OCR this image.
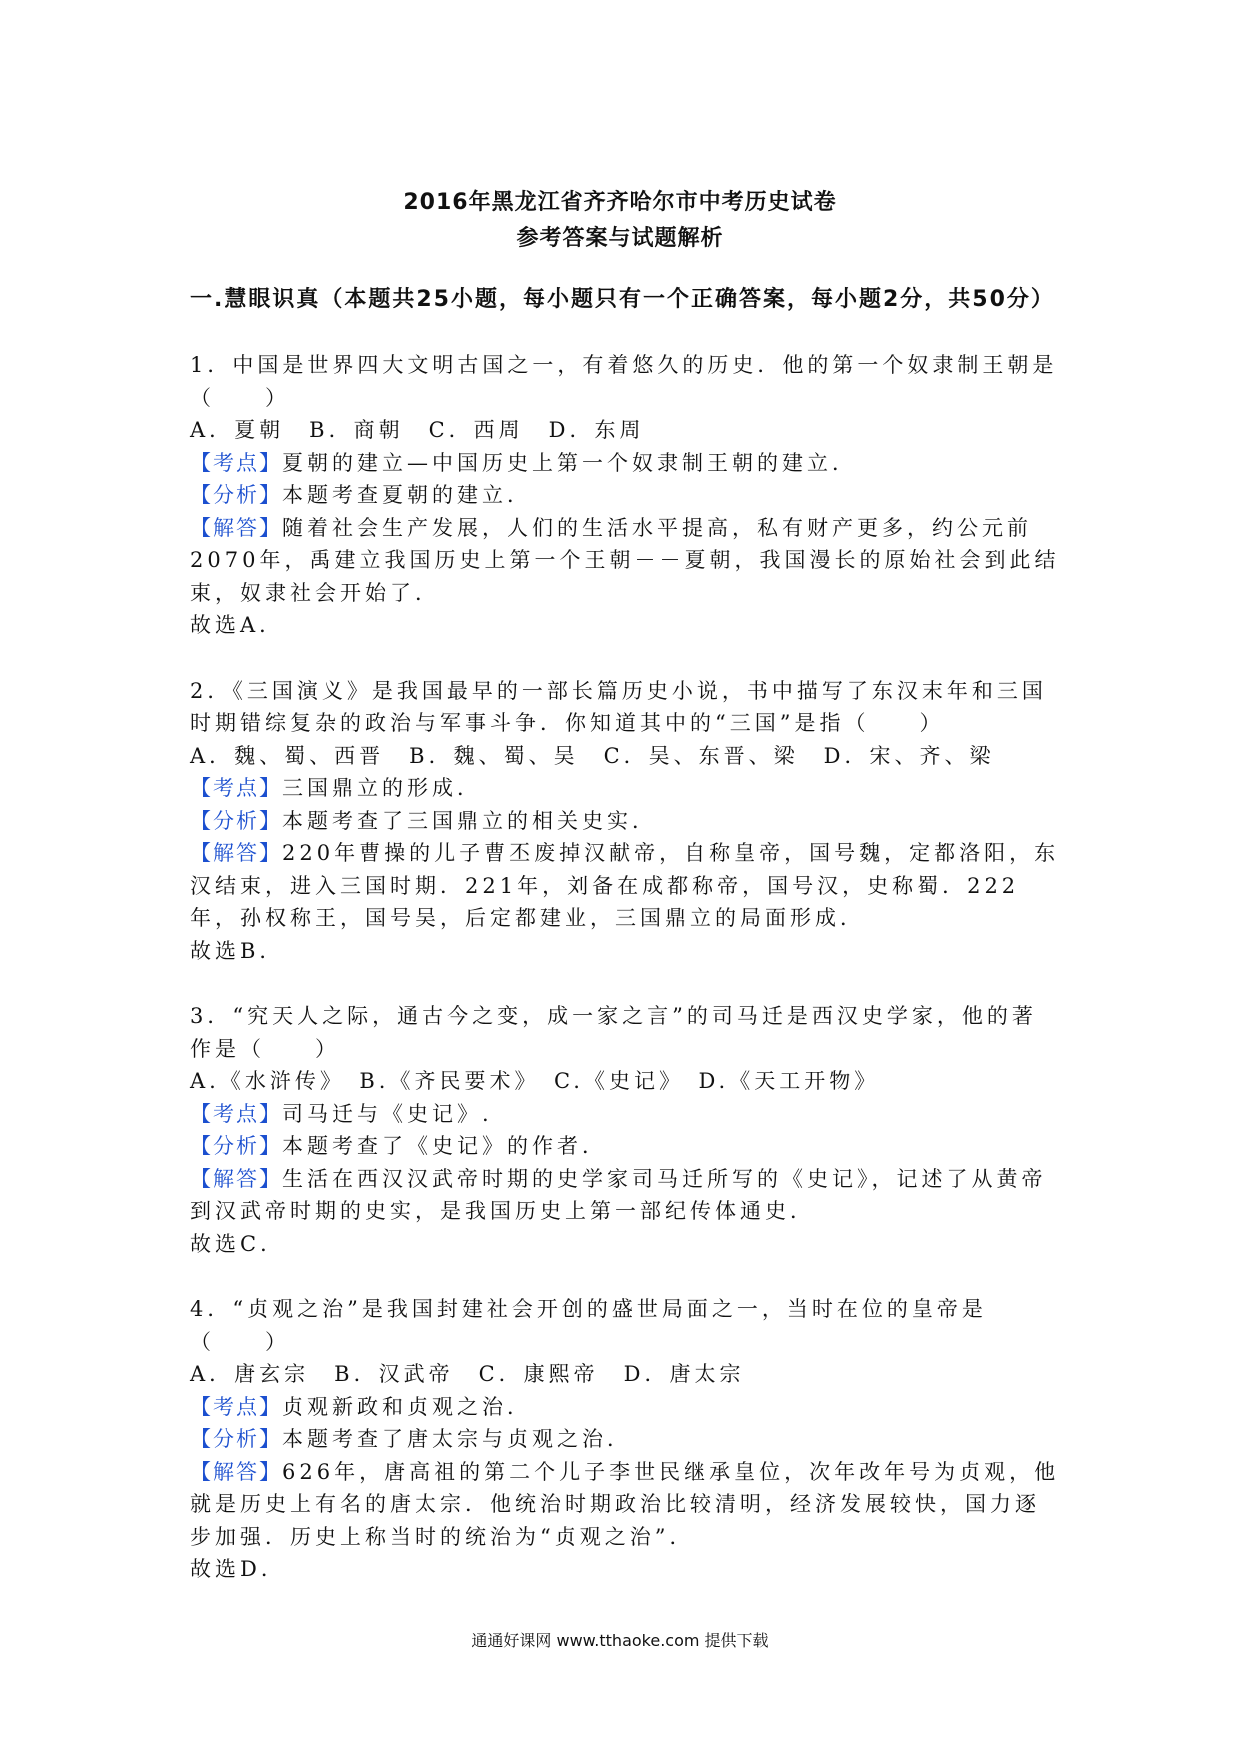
2016年黑龙江省齐齐哈尔市中考历史试卷
参考答案与试题解析
一.慧眼识真（本题共25小题，每小题只有一个正确答案，每小题2分，共50分）
1．中国是世界四大文明古国之一，有着悠久的历史．他的第一个奴隶制王朝是（　　）
A．夏朝　B．商朝　C．西周　D．东周
【考点】夏朝的建立—中国历史上第一个奴隶制王朝的建立．
【分析】本题考查夏朝的建立．
【解答】随着社会生产发展，人们的生活水平提高，私有财产更多，约公元前2070年，禹建立我国历史上第一个王朝－－夏朝，我国漫长的原始社会到此结束，奴隶社会开始了．
故选A．
2．《三国演义》是我国最早的一部长篇历史小说，书中描写了东汉末年和三国时期错综复杂的政治与军事斗争．你知道其中的“三国”是指（　　）
A．魏、蜀、西晋　B．魏、蜀、吴　C．吴、东晋、梁　D．宋、齐、梁
【考点】三国鼎立的形成．
【分析】本题考查了三国鼎立的相关史实．
【解答】220年曹操的儿子曹丕废掉汉献帝，自称皇帝，国号魏，定都洛阳，东汉结束，进入三国时期．221年，刘备在成都称帝，国号汉，史称蜀．222年，孙权称王，国号吴，后定都建业，三国鼎立的局面形成．
故选B．
3．“究天人之际，通古今之变，成一家之言”的司马迁是西汉史学家，他的著作是（　　）
A.《水浒传》　B.《齐民要术》　C.《史记》　D.《天工开物》
【考点】司马迁与《史记》.
【分析】本题考查了《史记》的作者．
【解答】生活在西汉汉武帝时期的史学家司马迁所写的《史记》，记述了从黄帝到汉武帝时期的史实，是我国历史上第一部纪传体通史．
故选C．
4．“贞观之治”是我国封建社会开创的盛世局面之一，当时在位的皇帝是（　　）
A．唐玄宗　B．汉武帝　C．康熙帝　D．唐太宗
【考点】贞观新政和贞观之治．
【分析】本题考查了唐太宗与贞观之治．
【解答】626年，唐高祖的第二个儿子李世民继承皇位，次年改年号为贞观，他就是历史上有名的唐太宗．他统治时期政治比较清明，经济发展较快，国力逐步加强．历史上称当时的统治为“贞观之治”．
故选D．
通通好课网 www.tthaoke.com 提供下载
